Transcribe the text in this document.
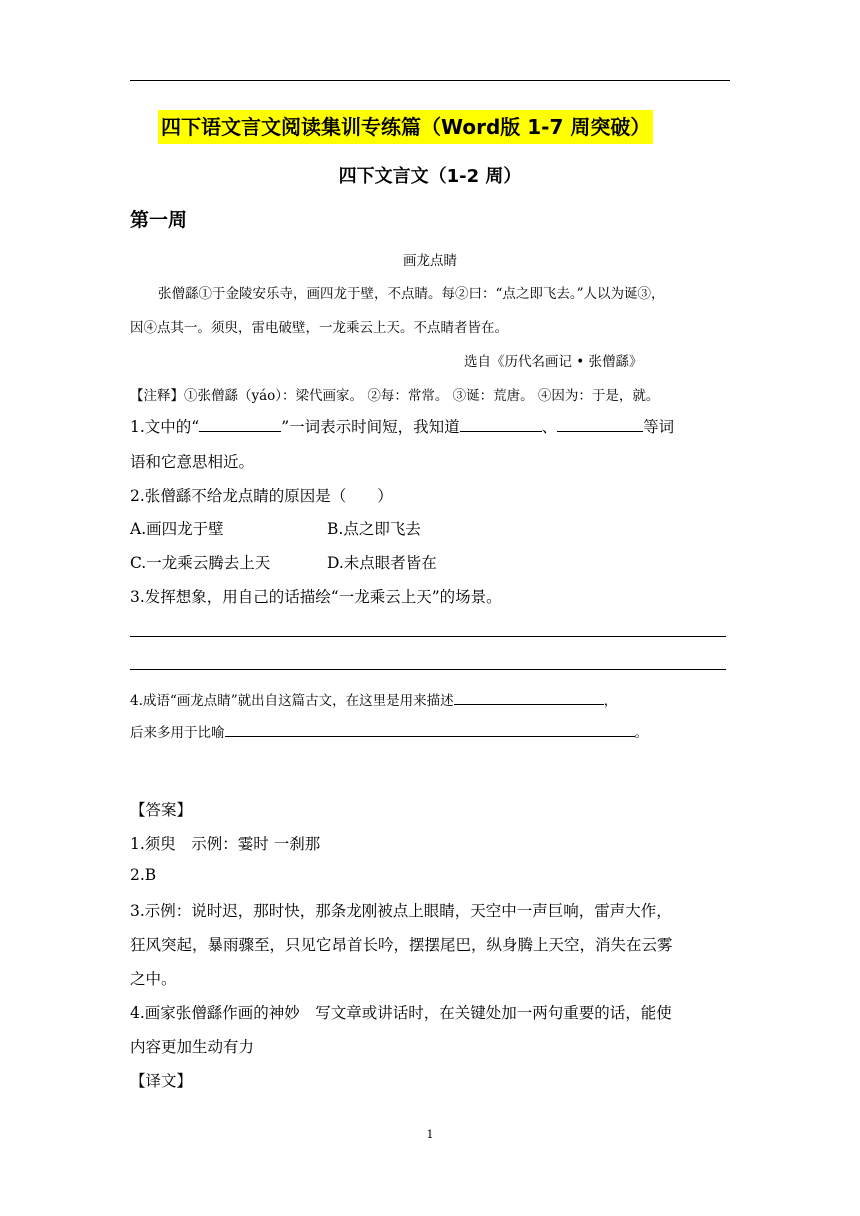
四下语文言文阅读集训专练篇（Word版 1-7 周突破）
四下文言文（1-2 周）
第一周
画龙点睛
张僧繇①于金陵安乐寺，画四龙于壁，不点睛。每②曰：“点之即飞去。”人以为诞③，
因④点其一。须臾，雷电破壁，一龙乘云上天。不点睛者皆在。
选自《历代名画记 • 张僧繇》
【注释】①张僧繇（yáo）：梁代画家。 ②每：常常。 ③诞：荒唐。 ④因为：于是，就。
1.文中的“	”一词表示时间短，我知道	、	等词
语和它意思相近。
2.张僧繇不给龙点睛的原因是（　　）
A.画四龙于壁	B.点之即飞去
C.一龙乘云腾去上天	D.未点眼者皆在
3.发挥想象，用自己的话描绘“一龙乘云上天”的场景。
4.成语“画龙点睛”就出自这篇古文，在这里是用来描述	，
后来多用于比喻	。
【答案】
1.须臾　示例：霎时 一刹那
2.B
3.示例：说时迟，那时快，那条龙刚被点上眼睛，天空中一声巨响，雷声大作，
狂风突起，暴雨骤至，只见它昂首长吟，摆摆尾巴，纵身腾上天空，消失在云雾
之中。
4.画家张僧繇作画的神妙　写文章或讲话时，在关键处加一两句重要的话，能使
内容更加生动有力
【译文】
1
